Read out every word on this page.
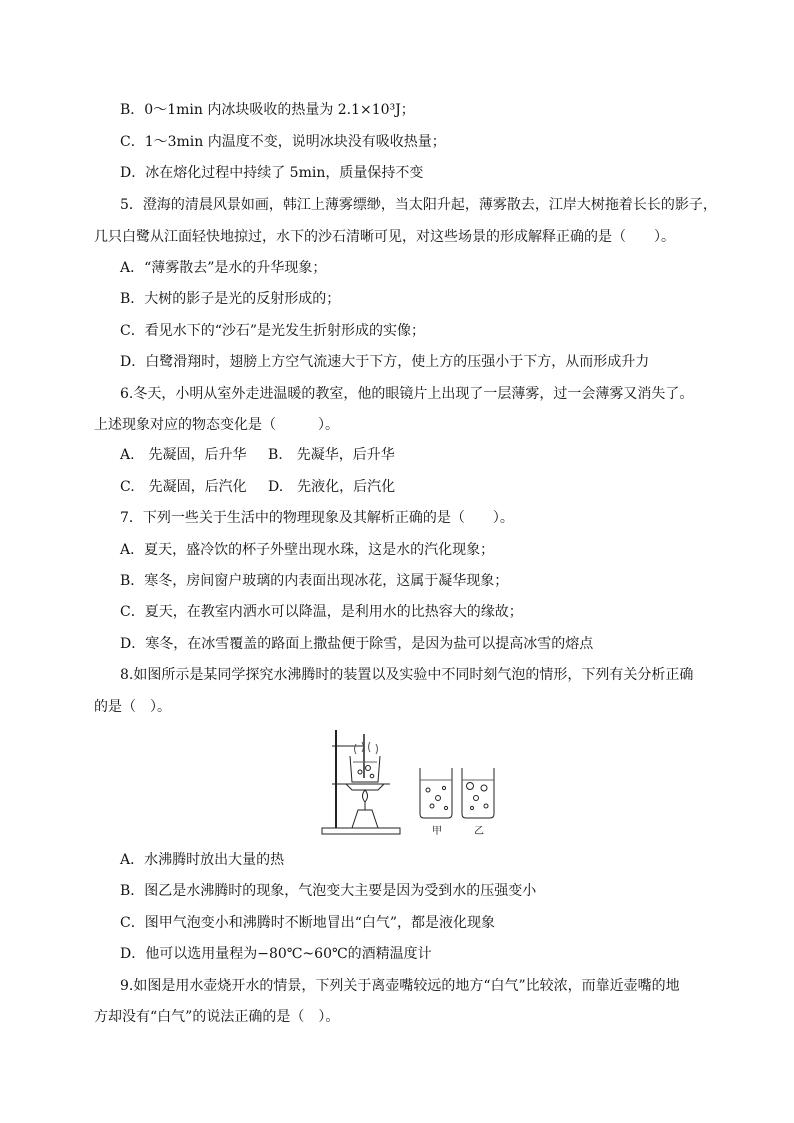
B．0～1min 内冰块吸收的热量为 2.1×10³J；
C．1～3min 内温度不变，说明冰块没有吸收热量；
D．冰在熔化过程中持续了 5min，质量保持不变
5．澄海的清晨风景如画，韩江上薄雾缥缈，当太阳升起，薄雾散去，江岸大树拖着长长的影子，
几只白鹭从江面轻快地掠过，水下的沙石清晰可见，对这些场景的形成解释正确的是（　　）。
A．“薄雾散去”是水的升华现象；
B．大树的影子是光的反射形成的；
C．看见水下的“沙石”是光发生折射形成的实像；
D．白鹭滑翔时，翅膀上方空气流速大于下方，使上方的压强小于下方，从而形成升力
6.冬天，小明从室外走进温暖的教室，他的眼镜片上出现了一层薄雾，过一会薄雾又消失了。
上述现象对应的物态变化是（　　　）。
A.　先凝固，后升华 B.　先凝华，后升华
C.　先凝固，后汽化 D.　先液化，后汽化
7．下列一些关于生活中的物理现象及其解析正确的是（　　）。
A．夏天，盛冷饮的杯子外壁出现水珠，这是水的汽化现象；
B．寒冬，房间窗户玻璃的内表面出现冰花，这属于凝华现象；
C．夏天，在教室内洒水可以降温，是利用水的比热容大的缘故；
D．寒冬，在冰雪覆盖的路面上撒盐便于除雪，是因为盐可以提高冰雪的熔点
8.如图所示是某同学探究水沸腾时的装置以及实验中不同时刻气泡的情形，下列有关分析正确
的是（　）。
甲	乙
A．水沸腾时放出大量的热
B．图乙是水沸腾时的现象，气泡变大主要是因为受到水的压强变小
C．图甲气泡变小和沸腾时不断地冒出“白气”，都是液化现象
D．他可以选用量程为−80℃~60℃的酒精温度计
9.如图是用水壶烧开水的情景，下列关于离壶嘴较远的地方“白气”比较浓，而靠近壶嘴的地
方却没有“白气”的说法正确的是（　）。
